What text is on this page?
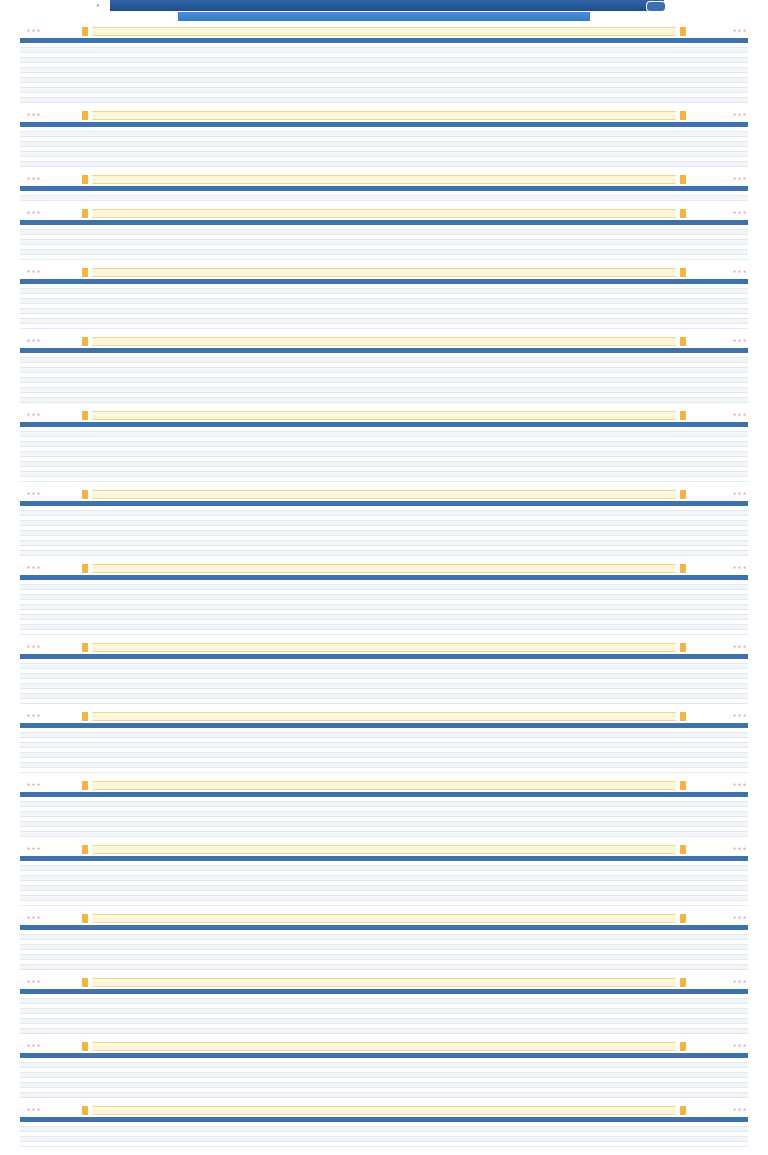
●
●●●	●●●

●●●	●●●

●●●	●●●

●●●	●●●

●●●	●●●

●●●	●●●

●●●	●●●

●●●	●●●

●●●	●●●

●●●	●●●

●●●	●●●

●●●	●●●

●●●	●●●

●●●	●●●

●●●	●●●

●●●	●●●

●●●	●●●
